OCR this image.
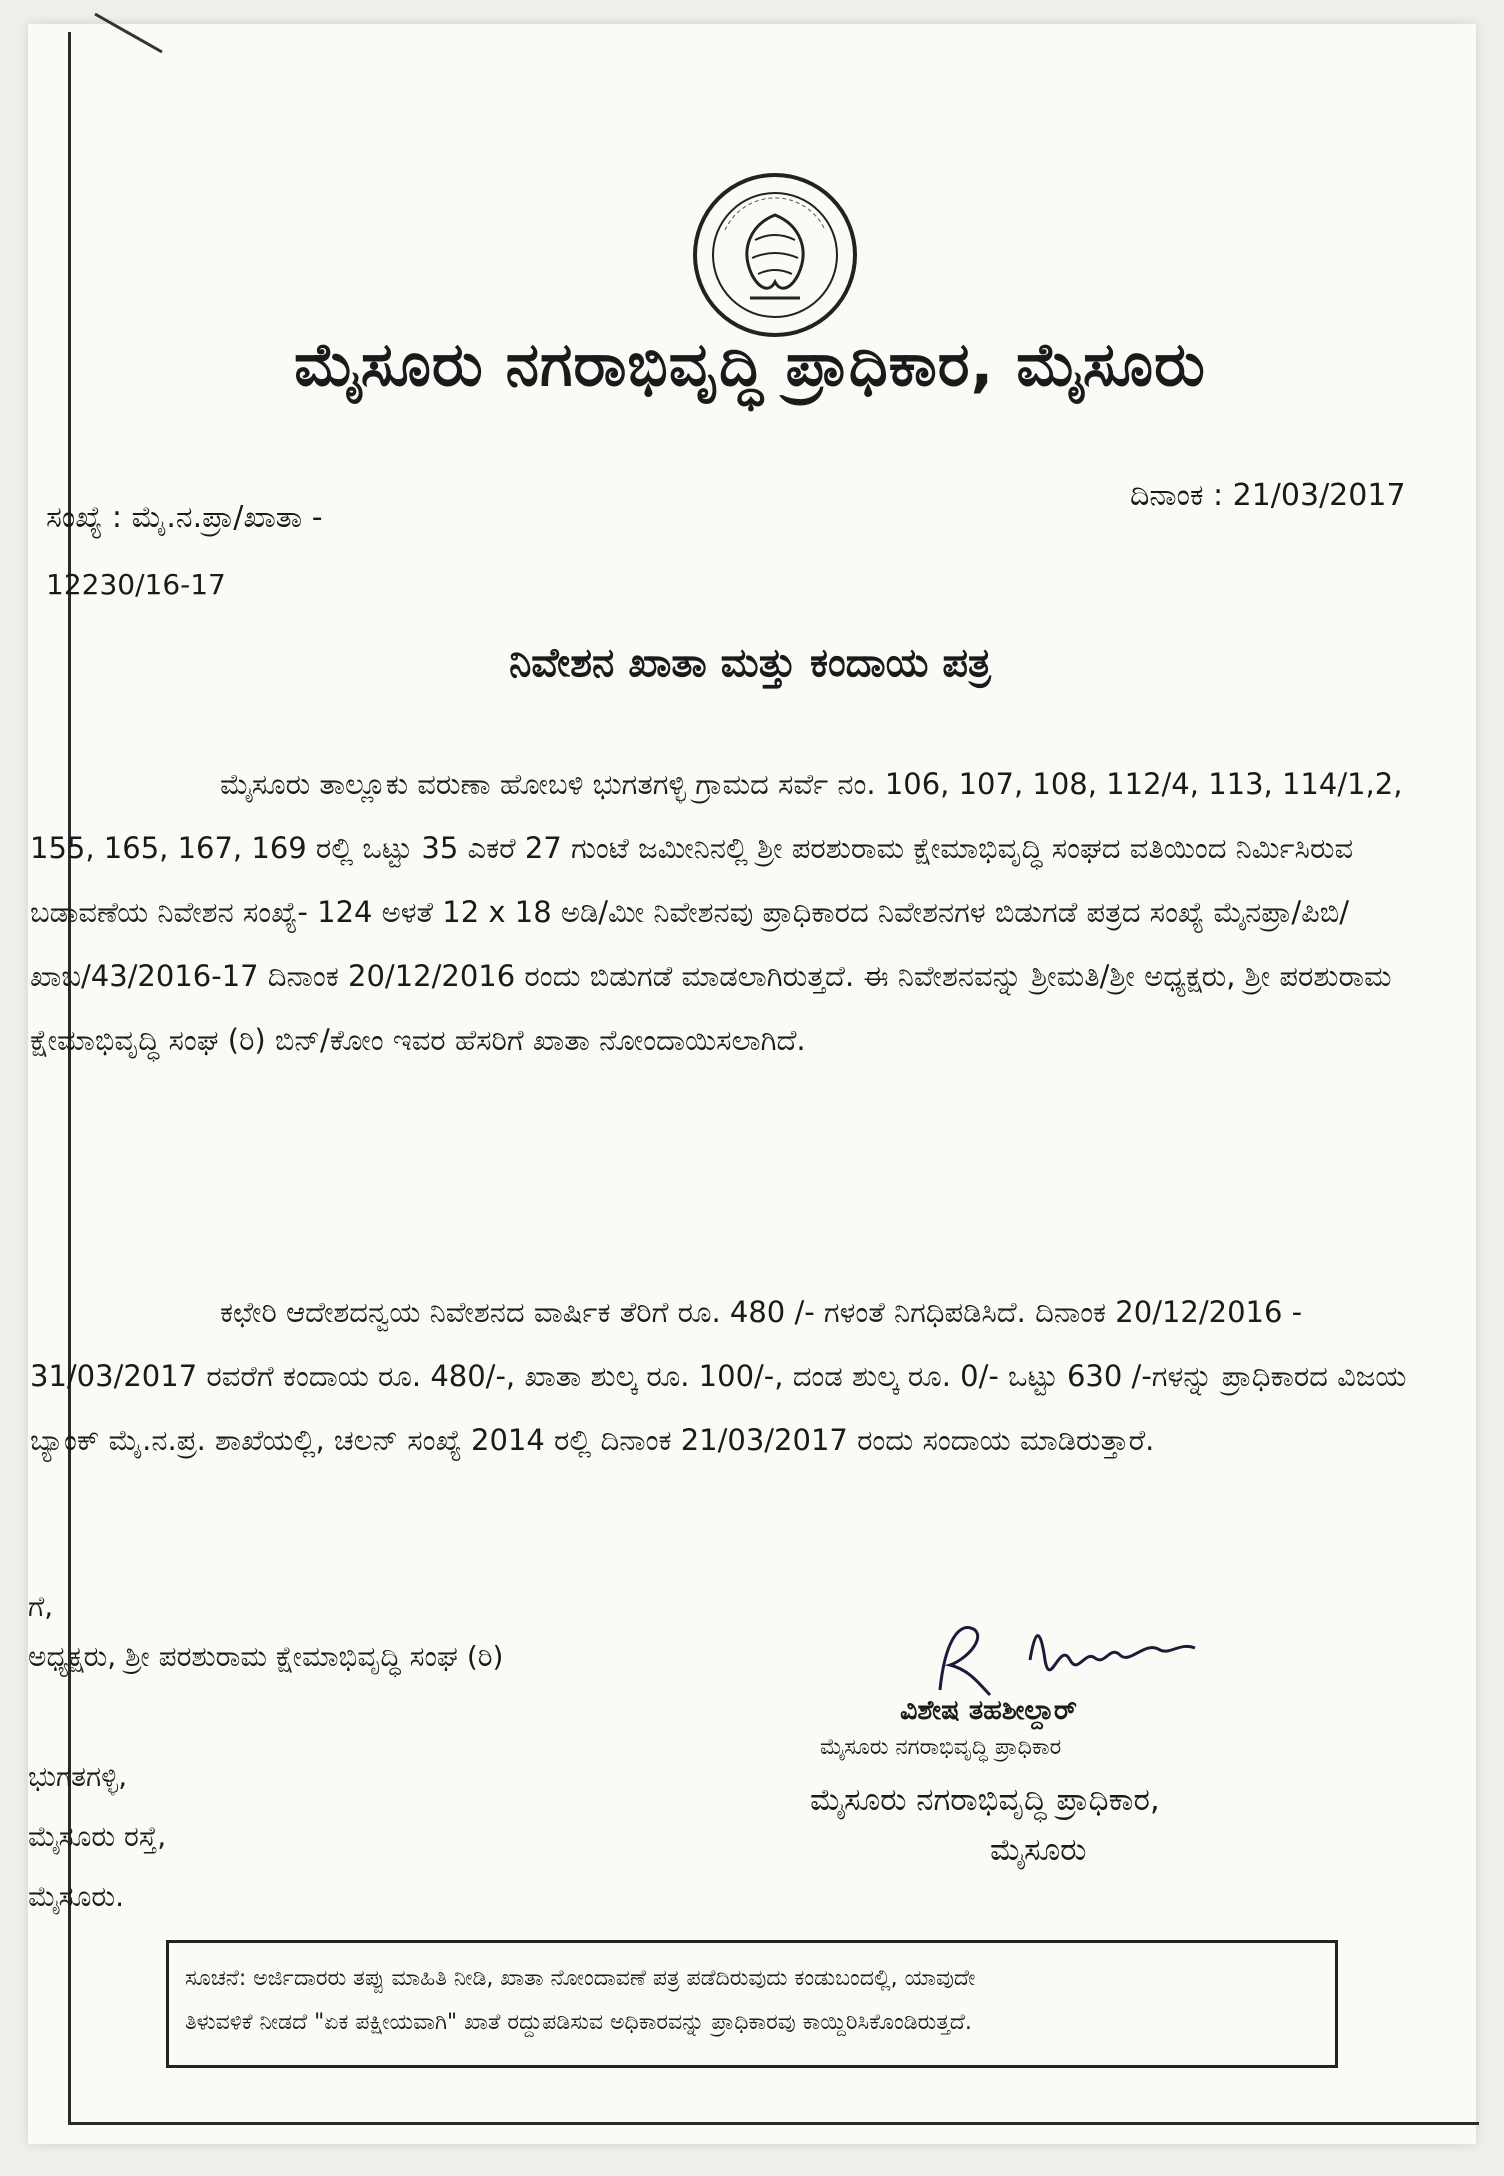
ಮೈಸೂರು ನಗರಾಭಿವೃದ್ಧಿ ಪ್ರಾಧಿಕಾರ, ಮೈಸೂರು
ಸಂಖ್ಯೆ : ಮೈ.ನ.ಪ್ರಾ/ಖಾತಾ -
12230/16-17
ದಿನಾಂಕ : 21/03/2017
ನಿವೇಶನ ಖಾತಾ ಮತ್ತು ಕಂದಾಯ ಪತ್ರ
ಮೈಸೂರು ತಾಲ್ಲೂಕು ವರುಣಾ ಹೋಬಳಿ ಭುಗತಗಳ್ಳಿ ಗ್ರಾಮದ ಸರ್ವೆ ನಂ. 106, 107, 108, 112/4, 113, 114/1,2, 155, 165, 167, 169 ರಲ್ಲಿ ಒಟ್ಟು 35 ಎಕರೆ 27 ಗುಂಟೆ ಜಮೀನಿನಲ್ಲಿ ಶ್ರೀ ಪರಶುರಾಮ ಕ್ಷೇಮಾಭಿವೃದ್ಧಿ ಸಂಘದ ವತಿಯಿಂದ ನಿರ್ಮಿಸಿರುವ ಬಡಾವಣೆಯ ನಿವೇಶನ ಸಂಖ್ಯೆ- 124 ಅಳತೆ 12 x 18 ಅಡಿ/ಮೀ ನಿವೇಶನವು ಪ್ರಾಧಿಕಾರದ ನಿವೇಶನಗಳ ಬಿಡುಗಡೆ ಪತ್ರದ ಸಂಖ್ಯೆ ಮೈನಪ್ರಾ/ಪಿಬಿ/ಖಾಬ/43/2016-17 ದಿನಾಂಕ 20/12/2016 ರಂದು ಬಿಡುಗಡೆ ಮಾಡಲಾಗಿರುತ್ತದೆ. ಈ ನಿವೇಶನವನ್ನು ಶ್ರೀಮತಿ/ಶ್ರೀ ಅಧ್ಯಕ್ಷರು, ಶ್ರೀ ಪರಶುರಾಮ ಕ್ಷೇಮಾಭಿವೃದ್ಧಿ ಸಂಘ (ರಿ) ಬಿನ್/ಕೋಂ ಇವರ ಹೆಸರಿಗೆ ಖಾತಾ ನೋಂದಾಯಿಸಲಾಗಿದೆ.
ಕಛೇರಿ ಆದೇಶದನ್ವಯ ನಿವೇಶನದ ವಾರ್ಷಿಕ ತೆರಿಗೆ ರೂ. 480 /- ಗಳಂತೆ ನಿಗಧಿಪಡಿಸಿದೆ. ದಿನಾಂಕ 20/12/2016 - 31/03/2017 ರವರೆಗೆ ಕಂದಾಯ ರೂ. 480/-, ಖಾತಾ ಶುಲ್ಕ ರೂ. 100/-, ದಂಡ ಶುಲ್ಕ ರೂ. 0/- ಒಟ್ಟು 630 /-ಗಳನ್ನು ಪ್ರಾಧಿಕಾರದ ವಿಜಯ ಬ್ಯಾಂಕ್ ಮೈ.ನ.ಪ್ರ. ಶಾಖೆಯಲ್ಲಿ, ಚಲನ್ ಸಂಖ್ಯೆ 2014 ರಲ್ಲಿ ದಿನಾಂಕ 21/03/2017 ರಂದು ಸಂದಾಯ ಮಾಡಿರುತ್ತಾರೆ.
ಗೆ,
ಅಧ್ಯಕ್ಷರು, ಶ್ರೀ ಪರಶುರಾಮ ಕ್ಷೇಮಾಭಿವೃದ್ಧಿ ಸಂಘ (ರಿ)
ಭುಗತಗಳ್ಳಿ,
ಮೈಸೂರು ರಸ್ತೆ,
ಮೈಸೂರು.
ವಿಶೇಷ ತಹಶೀಲ್ದಾರ್
ಮೈಸೂರು ನಗರಾಭಿವೃದ್ಧಿ ಪ್ರಾಧಿಕಾರ
ಮೈಸೂರು ನಗರಾಭಿವೃದ್ಧಿ ಪ್ರಾಧಿಕಾರ,
ಮೈಸೂರು
ಸೂಚನೆ: ಅರ್ಜಿದಾರರು ತಪ್ಪು ಮಾಹಿತಿ ನೀಡಿ, ಖಾತಾ ನೋಂದಾವಣೆ ಪತ್ರ ಪಡೆದಿರುವುದು ಕಂಡುಬಂದಲ್ಲಿ, ಯಾವುದೇ
ತಿಳುವಳಿಕೆ ನೀಡದೆ "ಏಕ ಪಕ್ಷೀಯವಾಗಿ" ಖಾತೆ ರದ್ದುಪಡಿಸುವ ಅಧಿಕಾರವನ್ನು ಪ್ರಾಧಿಕಾರವು ಕಾಯ್ದಿರಿಸಿಕೊಂಡಿರುತ್ತದೆ.
